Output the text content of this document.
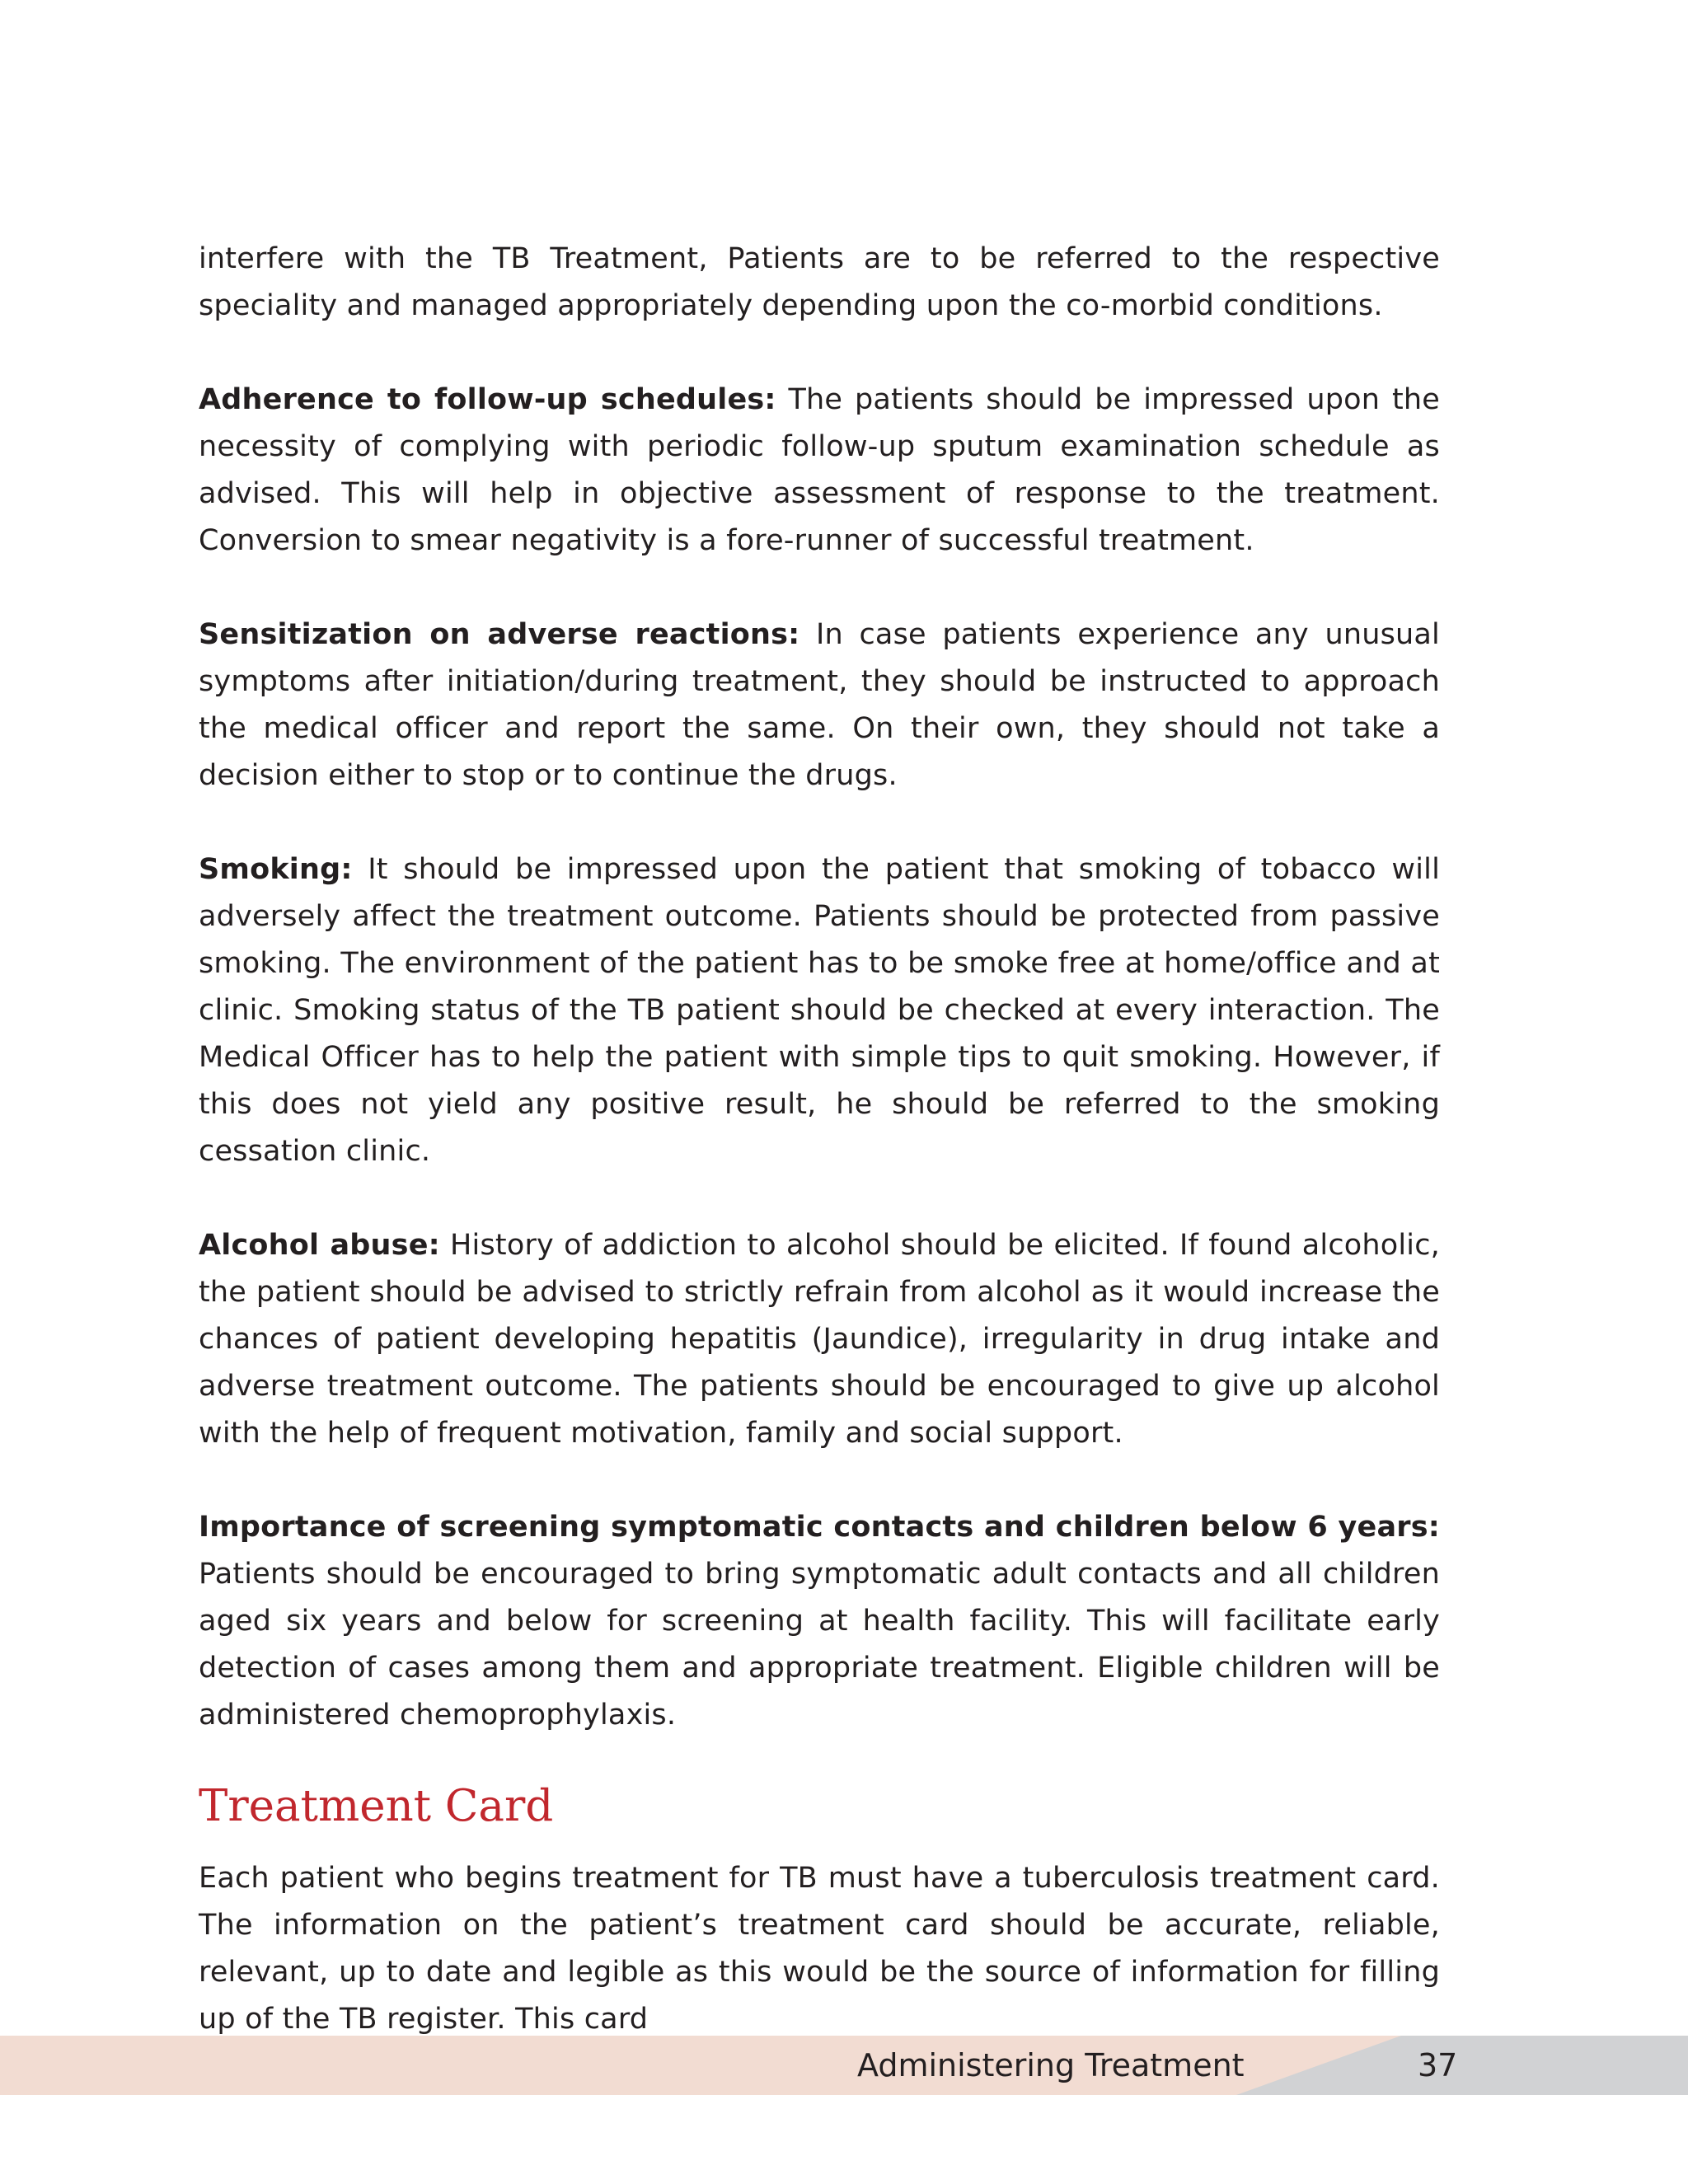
interfere with the TB Treatment, Patients are to be referred to the respective speciality and managed appropriately depending upon the co-morbid conditions.

Adherence to follow-up schedules: The patients should be impressed upon the necessity of complying with periodic follow-up sputum examination schedule as advised. This will help in objective assessment of response to the treatment. Conversion to smear negativity is a fore-runner of successful treatment.

Sensitization on adverse reactions: In case patients experience any unusual symptoms after initiation/during treatment, they should be instructed to approach the medical officer and report the same. On their own, they should not take a decision either to stop or to continue the drugs.

Smoking: It should be impressed upon the patient that smoking of tobacco will adversely affect the treatment outcome. Patients should be protected from passive smoking. The environment of the patient has to be smoke free at home/office and at clinic. Smoking status of the TB patient should be checked at every interaction. The Medical Officer has to help the patient with simple tips to quit smoking. However, if this does not yield any positive result, he should be referred to the smoking cessation clinic.

Alcohol abuse: History of addiction to alcohol should be elicited. If found alcoholic, the patient should be advised to strictly refrain from alcohol as it would increase the chances of patient developing hepatitis (Jaundice), irregularity in drug intake and adverse treatment outcome. The patients should be encouraged to give up alcohol with the help of frequent motivation, family and social support.

Importance of screening symptomatic contacts and children below 6 years: Patients should be encouraged to bring symptomatic adult contacts and all children aged six years and below for screening at health facility. This will facilitate early detection of cases among them and appropriate treatment. Eligible children will be administered chemoprophylaxis.

Treatment Card

Each patient who begins treatment for TB must have a tuberculosis treatment card. The information on the patient’s treatment card should be accurate, reliable, relevant, up to date and legible as this would be the source of information for filling up of the TB register. This card

Administering Treatment	37
